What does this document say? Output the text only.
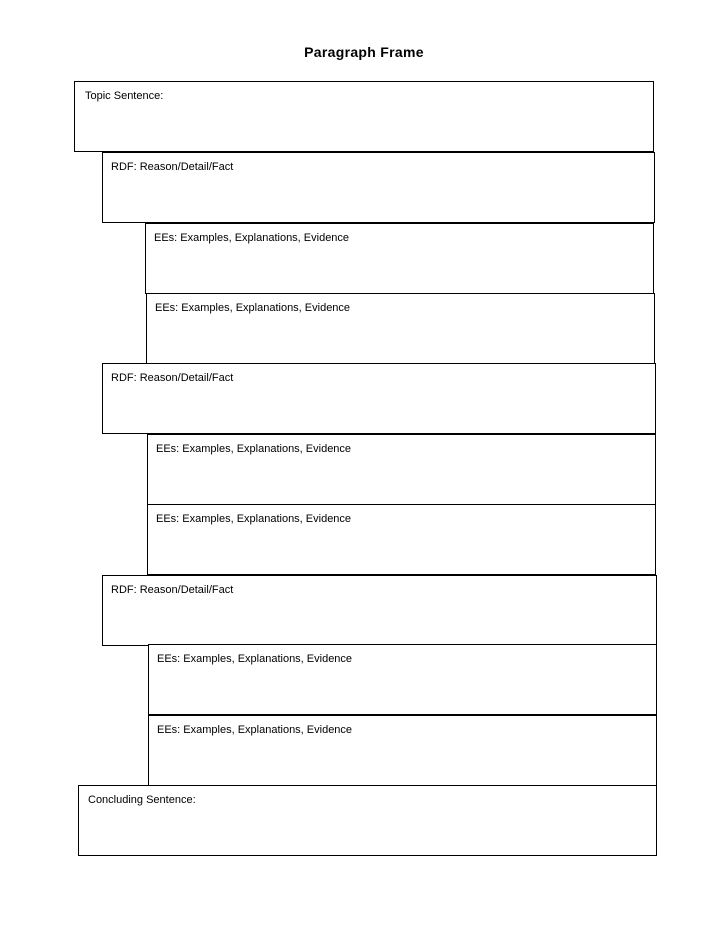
Paragraph Frame
Topic Sentence:
RDF: Reason/Detail/Fact
EEs: Examples, Explanations, Evidence
EEs: Examples, Explanations, Evidence
RDF: Reason/Detail/Fact
EEs: Examples, Explanations, Evidence
EEs: Examples, Explanations, Evidence
RDF: Reason/Detail/Fact
EEs: Examples, Explanations, Evidence
EEs: Examples, Explanations, Evidence
Concluding Sentence:
